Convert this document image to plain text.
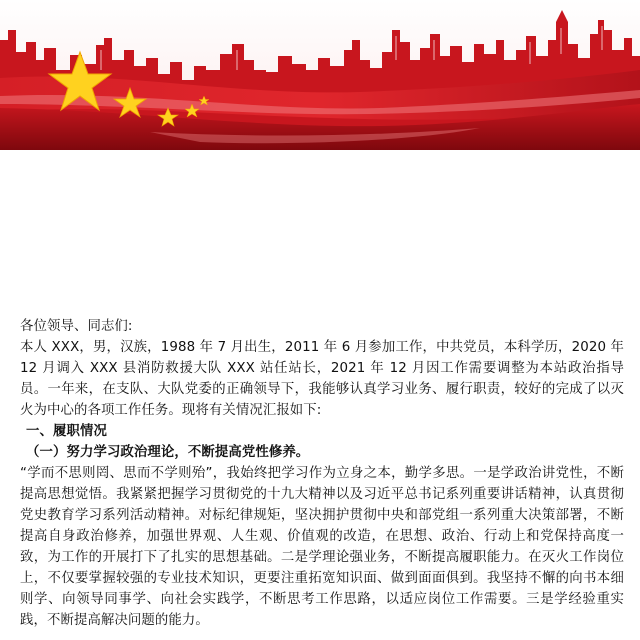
各位领导、同志们:

本人 XXX，男，汉族，1988 年 7 月出生，2011 年 6 月参加工作，中共党员，本科学历，2020 年 12 月调入 XXX 县消防救援大队 XXX 站任站长，2021 年 12 月因工作需要调整为本站政治指导员。一年来，在支队、大队党委的正确领导下，我能够认真学习业务、履行职责，较好的完成了以灭火为中心的各项工作任务。现将有关情况汇报如下:

一、履职情况

（一）努力学习政治理论，不断提高党性修养。

“学而不思则罔、思而不学则殆”，我始终把学习作为立身之本，勤学多思。一是学政治讲党性，不断提高思想觉悟。我紧紧把握学习贯彻党的十九大精神以及习近平总书记系列重要讲话精神，认真贯彻党史教育学习系列活动精神。对标纪律规矩，坚决拥护贯彻中央和部党组一系列重大决策部署，不断提高自身政治修养，加强世界观、人生观、价值观的改造，在思想、政治、行动上和党保持高度一致，为工作的开展打下了扎实的思想基础。二是学理论强业务，不断提高履职能力。在灭火工作岗位上，不仅要掌握较强的专业技术知识，更要注重拓宽知识面、做到面面俱到。我坚持不懈的向书本细则学、向领导同事学、向社会实践学，不断思考工作思路，以适应岗位工作需要。三是学经验重实践，不断提高解决问题的能力。
